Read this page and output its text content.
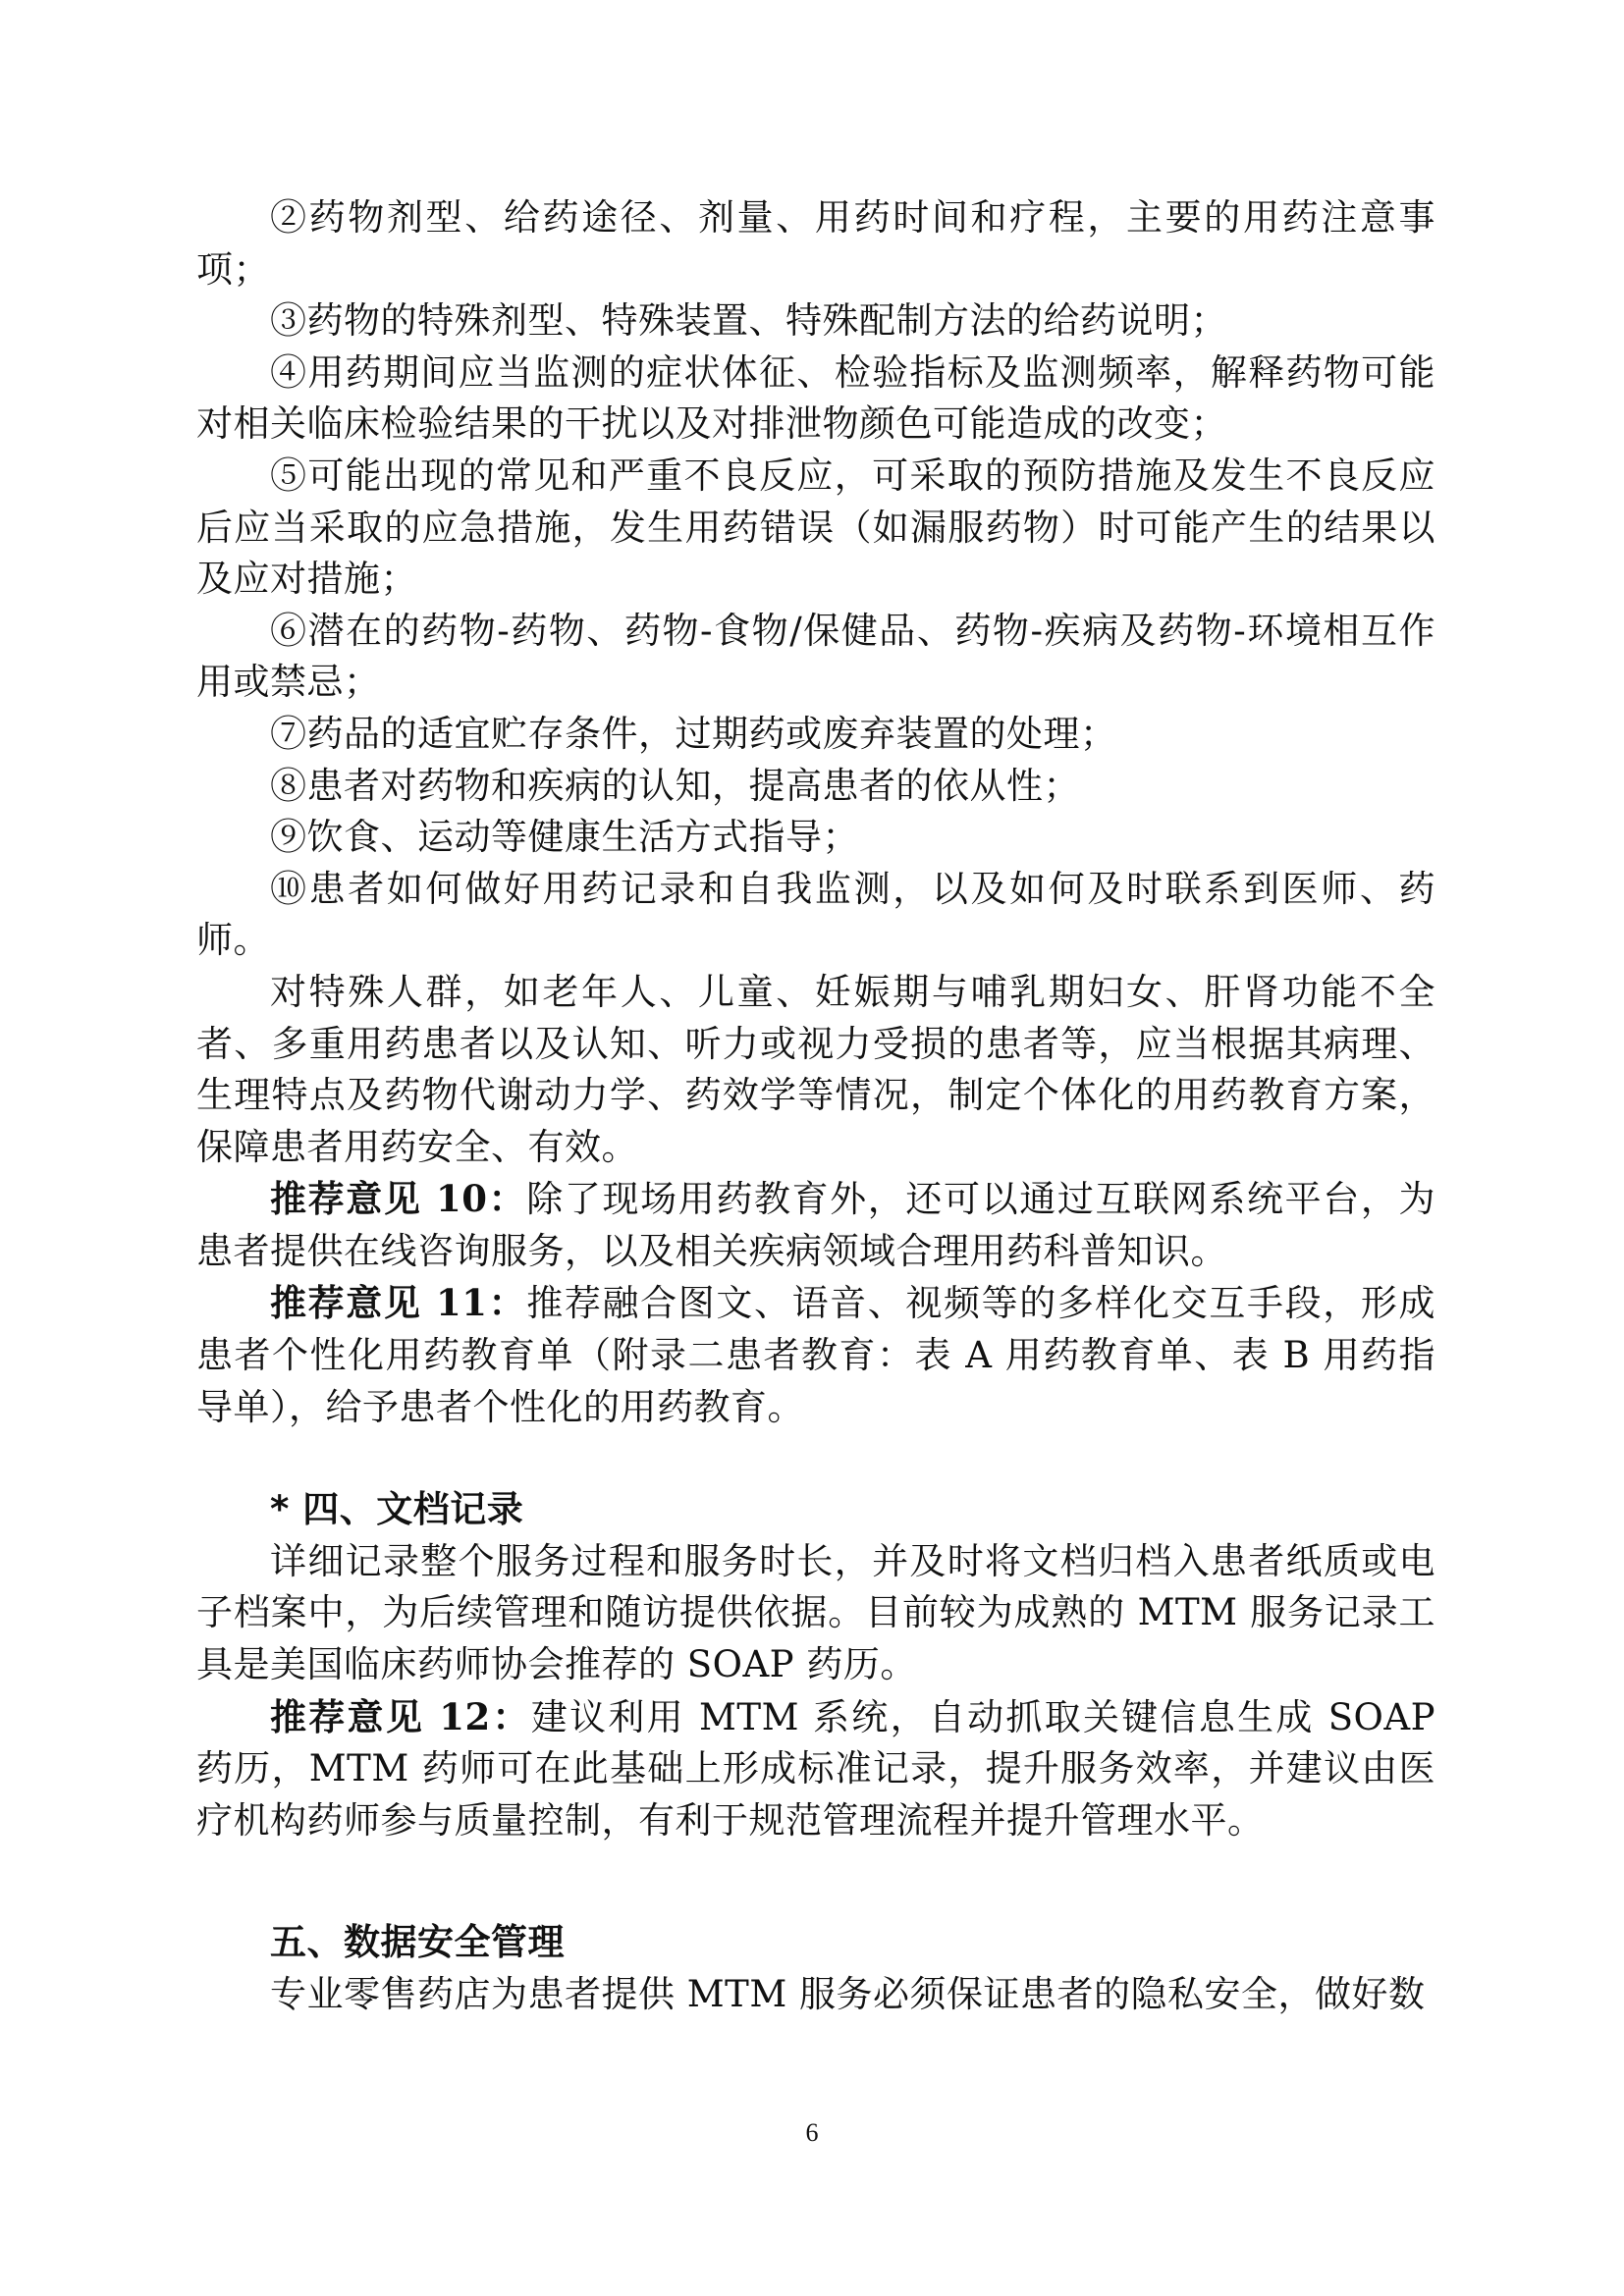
②药物剂型、给药途径、剂量、用药时间和疗程，主要的用药注意事项；

③药物的特殊剂型、特殊装置、特殊配制方法的给药说明；

④用药期间应当监测的症状体征、检验指标及监测频率，解释药物可能对相关临床检验结果的干扰以及对排泄物颜色可能造成的改变；

⑤可能出现的常见和严重不良反应，可采取的预防措施及发生不良反应后应当采取的应急措施，发生用药错误（如漏服药物）时可能产生的结果以及应对措施；

⑥潜在的药物-药物、药物-食物/保健品、药物-疾病及药物-环境相互作用或禁忌；

⑦药品的适宜贮存条件，过期药或废弃装置的处理；

⑧患者对药物和疾病的认知，提高患者的依从性；

⑨饮食、运动等健康生活方式指导；

⑩患者如何做好用药记录和自我监测，以及如何及时联系到医师、药师。

对特殊人群，如老年人、儿童、妊娠期与哺乳期妇女、肝肾功能不全者、多重用药患者以及认知、听力或视力受损的患者等，应当根据其病理、生理特点及药物代谢动力学、药效学等情况，制定个体化的用药教育方案，保障患者用药安全、有效。

推荐意见 10：除了现场用药教育外，还可以通过互联网系统平台，为患者提供在线咨询服务，以及相关疾病领域合理用药科普知识。

推荐意见 11：推荐融合图文、语音、视频等的多样化交互手段，形成患者个性化用药教育单（附录二患者教育：表 A 用药教育单、表 B 用药指导单），给予患者个性化的用药教育。

* 四、文档记录

详细记录整个服务过程和服务时长，并及时将文档归档入患者纸质或电子档案中，为后续管理和随访提供依据。目前较为成熟的 MTM 服务记录工具是美国临床药师协会推荐的 SOAP 药历。

推荐意见 12：建议利用 MTM 系统，自动抓取关键信息生成 SOAP 药历，MTM 药师可在此基础上形成标准记录，提升服务效率，并建议由医疗机构药师参与质量控制，有利于规范管理流程并提升管理水平。

五、数据安全管理

专业零售药店为患者提供 MTM 服务必须保证患者的隐私安全，做好数

6
